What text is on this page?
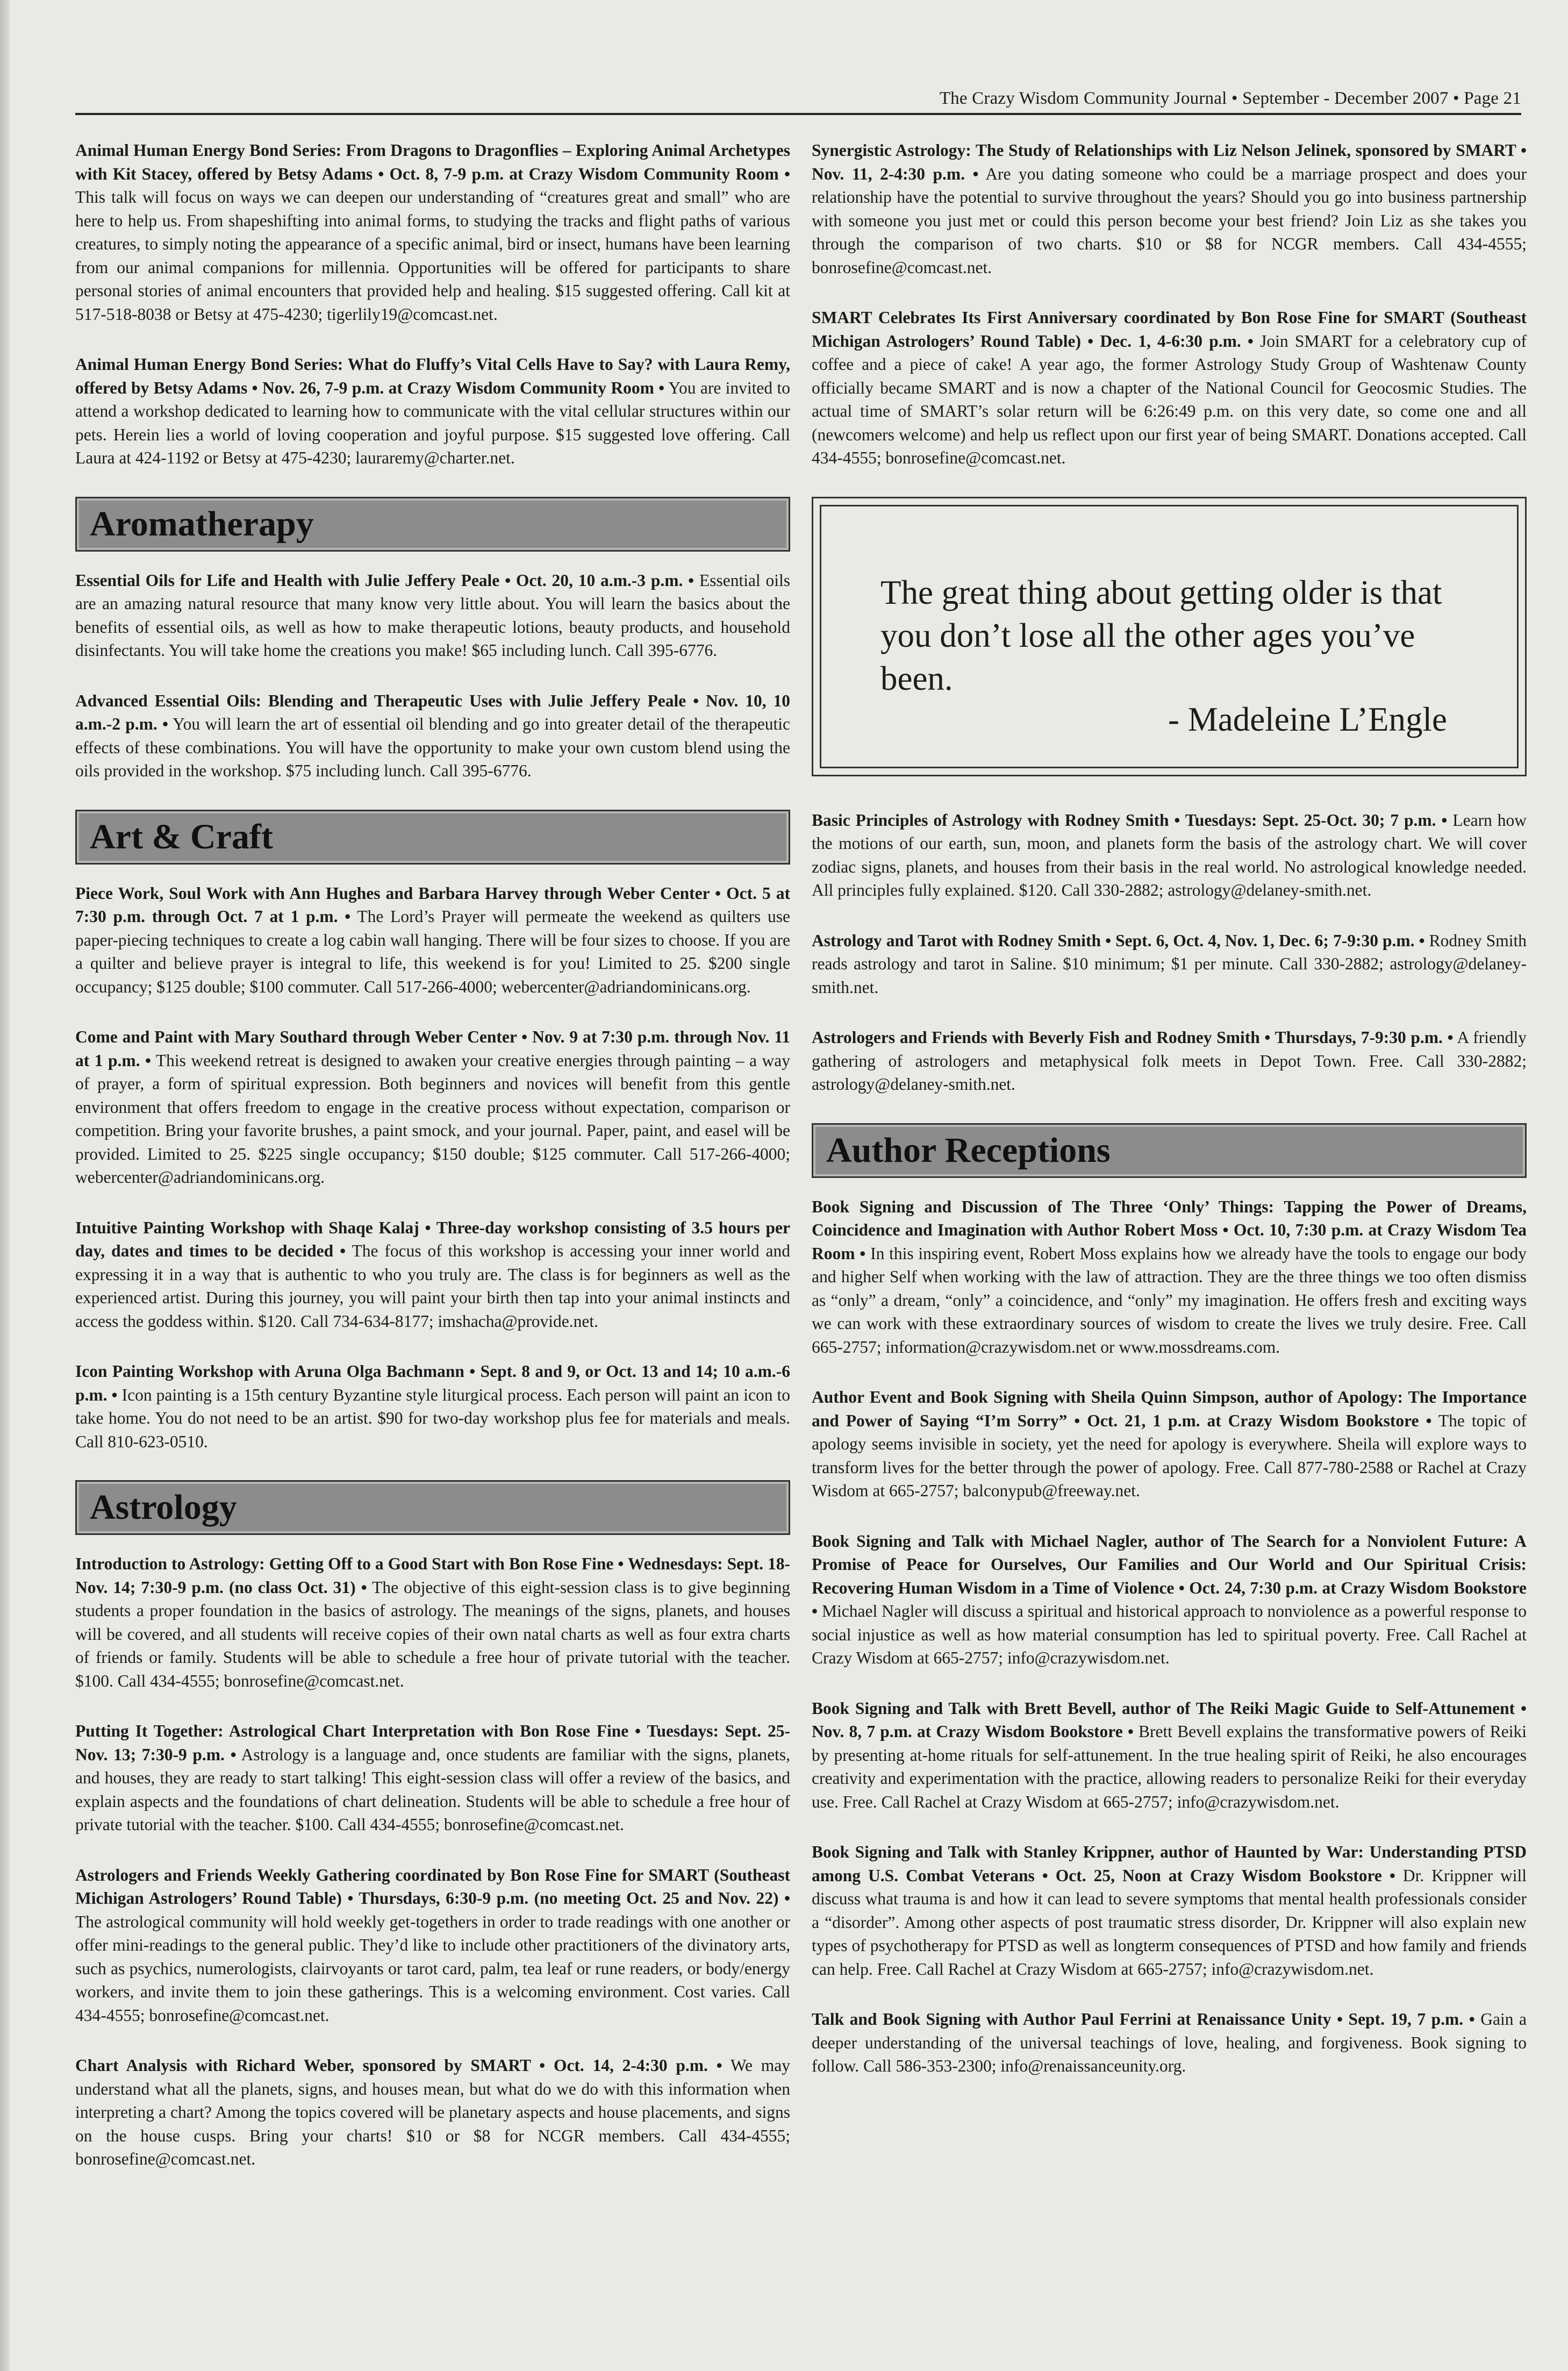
The Crazy Wisdom Community Journal • September - December 2007 • Page 21

Animal Human Energy Bond Series: From Dragons to Dragonflies – Exploring Animal Archetypes with Kit Stacey, offered by Betsy Adams • Oct. 8, 7-9 p.m. at Crazy Wisdom Community Room • This talk will focus on ways we can deepen our understanding of “creatures great and small” who are here to help us. From shapeshifting into animal forms, to studying the tracks and flight paths of various creatures, to simply noting the appearance of a specific animal, bird or insect, humans have been learning from our animal companions for millennia. Opportunities will be offered for participants to share personal stories of animal encounters that provided help and healing. $15 suggested offering. Call kit at 517-518-8038 or Betsy at 475-4230; tigerlily19@comcast.net.

Animal Human Energy Bond Series: What do Fluffy’s Vital Cells Have to Say? with Laura Remy, offered by Betsy Adams • Nov. 26, 7-9 p.m. at Crazy Wisdom Community Room • You are invited to attend a workshop dedicated to learning how to communicate with the vital cellular structures within our pets. Herein lies a world of loving cooperation and joyful purpose. $15 suggested love offering. Call Laura at 424-1192 or Betsy at 475-4230; lauraremy@charter.net.

Aromatherapy

Essential Oils for Life and Health with Julie Jeffery Peale • Oct. 20, 10 a.m.-3 p.m. • Essential oils are an amazing natural resource that many know very little about. You will learn the basics about the benefits of essential oils, as well as how to make therapeutic lotions, beauty products, and household disinfectants. You will take home the creations you make! $65 including lunch. Call 395-6776.

Advanced Essential Oils: Blending and Therapeutic Uses with Julie Jeffery Peale • Nov. 10, 10 a.m.-2 p.m. • You will learn the art of essential oil blending and go into greater detail of the therapeutic effects of these combinations. You will have the opportunity to make your own custom blend using the oils provided in the workshop. $75 including lunch. Call 395-6776.

Art & Craft

Piece Work, Soul Work with Ann Hughes and Barbara Harvey through Weber Center • Oct. 5 at 7:30 p.m. through Oct. 7 at 1 p.m. • The Lord’s Prayer will permeate the weekend as quilters use paper-piecing techniques to create a log cabin wall hanging. There will be four sizes to choose. If you are a quilter and believe prayer is integral to life, this weekend is for you! Limited to 25. $200 single occupancy; $125 double; $100 commuter. Call 517-266-4000; webercenter@adriandominicans.org.

Come and Paint with Mary Southard through Weber Center • Nov. 9 at 7:30 p.m. through Nov. 11 at 1 p.m. • This weekend retreat is designed to awaken your creative energies through painting – a way of prayer, a form of spiritual expression. Both beginners and novices will benefit from this gentle environment that offers freedom to engage in the creative process without expectation, comparison or competition. Bring your favorite brushes, a paint smock, and your journal. Paper, paint, and easel will be provided. Limited to 25. $225 single occupancy; $150 double; $125 commuter. Call 517-266-4000; webercenter@adriandominicans.org.

Intuitive Painting Workshop with Shaqe Kalaj • Three-day workshop consisting of 3.5 hours per day, dates and times to be decided • The focus of this workshop is accessing your inner world and expressing it in a way that is authentic to who you truly are. The class is for beginners as well as the experienced artist. During this journey, you will paint your birth then tap into your animal instincts and access the goddess within. $120. Call 734-634-8177; imshacha@provide.net.

Icon Painting Workshop with Aruna Olga Bachmann • Sept. 8 and 9, or Oct. 13 and 14; 10 a.m.-6 p.m. • Icon painting is a 15th century Byzantine style liturgical process. Each person will paint an icon to take home. You do not need to be an artist. $90 for two-day workshop plus fee for materials and meals. Call 810-623-0510.

Astrology

Introduction to Astrology: Getting Off to a Good Start with Bon Rose Fine • Wednesdays: Sept. 18-Nov. 14; 7:30-9 p.m. (no class Oct. 31) • The objective of this eight-session class is to give beginning students a proper foundation in the basics of astrology. The meanings of the signs, planets, and houses will be covered, and all students will receive copies of their own natal charts as well as four extra charts of friends or family. Students will be able to schedule a free hour of private tutorial with the teacher. $100. Call 434-4555; bonrosefine@comcast.net.

Putting It Together: Astrological Chart Interpretation with Bon Rose Fine • Tuesdays: Sept. 25-Nov. 13; 7:30-9 p.m. • Astrology is a language and, once students are familiar with the signs, planets, and houses, they are ready to start talking! This eight-session class will offer a review of the basics, and explain aspects and the foundations of chart delineation. Students will be able to schedule a free hour of private tutorial with the teacher. $100. Call 434-4555; bonrosefine@comcast.net.

Astrologers and Friends Weekly Gathering coordinated by Bon Rose Fine for SMART (Southeast Michigan Astrologers’ Round Table) • Thursdays, 6:30-9 p.m. (no meeting Oct. 25 and Nov. 22) • The astrological community will hold weekly get-togethers in order to trade readings with one another or offer mini-readings to the general public. They’d like to include other practitioners of the divinatory arts, such as psychics, numerologists, clairvoyants or tarot card, palm, tea leaf or rune readers, or body/energy workers, and invite them to join these gatherings. This is a welcoming environment. Cost varies. Call 434-4555; bonrosefine@comcast.net.

Chart Analysis with Richard Weber, sponsored by SMART • Oct. 14, 2-4:30 p.m. • We may understand what all the planets, signs, and houses mean, but what do we do with this information when interpreting a chart? Among the topics covered will be planetary aspects and house placements, and signs on the house cusps. Bring your charts! $10 or $8 for NCGR members. Call 434-4555; bonrosefine@comcast.net.

Synergistic Astrology: The Study of Relationships with Liz Nelson Jelinek, sponsored by SMART • Nov. 11, 2-4:30 p.m. • Are you dating someone who could be a marriage prospect and does your relationship have the potential to survive throughout the years? Should you go into business partnership with someone you just met or could this person become your best friend? Join Liz as she takes you through the comparison of two charts. $10 or $8 for NCGR members. Call 434-4555; bonrosefine@comcast.net.

SMART Celebrates Its First Anniversary coordinated by Bon Rose Fine for SMART (Southeast Michigan Astrologers’ Round Table) • Dec. 1, 4-6:30 p.m. • Join SMART for a celebratory cup of coffee and a piece of cake! A year ago, the former Astrology Study Group of Washtenaw County officially became SMART and is now a chapter of the National Council for Geocosmic Studies. The actual time of SMART’s solar return will be 6:26:49 p.m. on this very date, so come one and all (newcomers welcome) and help us reflect upon our first year of being SMART. Donations accepted. Call 434-4555; bonrosefine@comcast.net.

The great thing about getting older is that you don’t lose all the other ages you’ve been.

- Madeleine L’Engle

Basic Principles of Astrology with Rodney Smith • Tuesdays: Sept. 25-Oct. 30; 7 p.m. • Learn how the motions of our earth, sun, moon, and planets form the basis of the astrology chart. We will cover zodiac signs, planets, and houses from their basis in the real world. No astrological knowledge needed. All principles fully explained. $120. Call 330-2882; astrology@delaney-smith.net.

Astrology and Tarot with Rodney Smith • Sept. 6, Oct. 4, Nov. 1, Dec. 6; 7-9:30 p.m. • Rodney Smith reads astrology and tarot in Saline. $10 minimum; $1 per minute. Call 330-2882; astrology@delaney-smith.net.

Astrologers and Friends with Beverly Fish and Rodney Smith • Thursdays, 7-9:30 p.m. • A friendly gathering of astrologers and metaphysical folk meets in Depot Town. Free. Call 330-2882; astrology@delaney-smith.net.

Author Receptions

Book Signing and Discussion of The Three ‘Only’ Things: Tapping the Power of Dreams, Coincidence and Imagination with Author Robert Moss • Oct. 10, 7:30 p.m. at Crazy Wisdom Tea Room • In this inspiring event, Robert Moss explains how we already have the tools to engage our body and higher Self when working with the law of attraction. They are the three things we too often dismiss as “only” a dream, “only” a coincidence, and “only” my imagination. He offers fresh and exciting ways we can work with these extraordinary sources of wisdom to create the lives we truly desire. Free. Call 665-2757; information@crazywisdom.net or www.mossdreams.com.

Author Event and Book Signing with Sheila Quinn Simpson, author of Apology: The Importance and Power of Saying “I’m Sorry” • Oct. 21, 1 p.m. at Crazy Wisdom Bookstore • The topic of apology seems invisible in society, yet the need for apology is everywhere. Sheila will explore ways to transform lives for the better through the power of apology. Free. Call 877-780-2588 or Rachel at Crazy Wisdom at 665-2757; balconypub@freeway.net.

Book Signing and Talk with Michael Nagler, author of The Search for a Nonviolent Future: A Promise of Peace for Ourselves, Our Families and Our World and Our Spiritual Crisis: Recovering Human Wisdom in a Time of Violence • Oct. 24, 7:30 p.m. at Crazy Wisdom Bookstore • Michael Nagler will discuss a spiritual and historical approach to nonviolence as a powerful response to social injustice as well as how material consumption has led to spiritual poverty. Free. Call Rachel at Crazy Wisdom at 665-2757; info@crazywisdom.net.

Book Signing and Talk with Brett Bevell, author of The Reiki Magic Guide to Self-Attunement • Nov. 8, 7 p.m. at Crazy Wisdom Bookstore • Brett Bevell explains the transformative powers of Reiki by presenting at-home rituals for self-attunement. In the true healing spirit of Reiki, he also encourages creativity and experimentation with the practice, allowing readers to personalize Reiki for their everyday use. Free. Call Rachel at Crazy Wisdom at 665-2757; info@crazywisdom.net.

Book Signing and Talk with Stanley Krippner, author of Haunted by War: Understanding PTSD among U.S. Combat Veterans • Oct. 25, Noon at Crazy Wisdom Bookstore • Dr. Krippner will discuss what trauma is and how it can lead to severe symptoms that mental health professionals consider a “disorder”. Among other aspects of post traumatic stress disorder, Dr. Krippner will also explain new types of psychotherapy for PTSD as well as longterm consequences of PTSD and how family and friends can help. Free. Call Rachel at Crazy Wisdom at 665-2757; info@crazywisdom.net.

Talk and Book Signing with Author Paul Ferrini at Renaissance Unity • Sept. 19, 7 p.m. • Gain a deeper understanding of the universal teachings of love, healing, and forgiveness. Book signing to follow. Call 586-353-2300; info@renaissanceunity.org.
